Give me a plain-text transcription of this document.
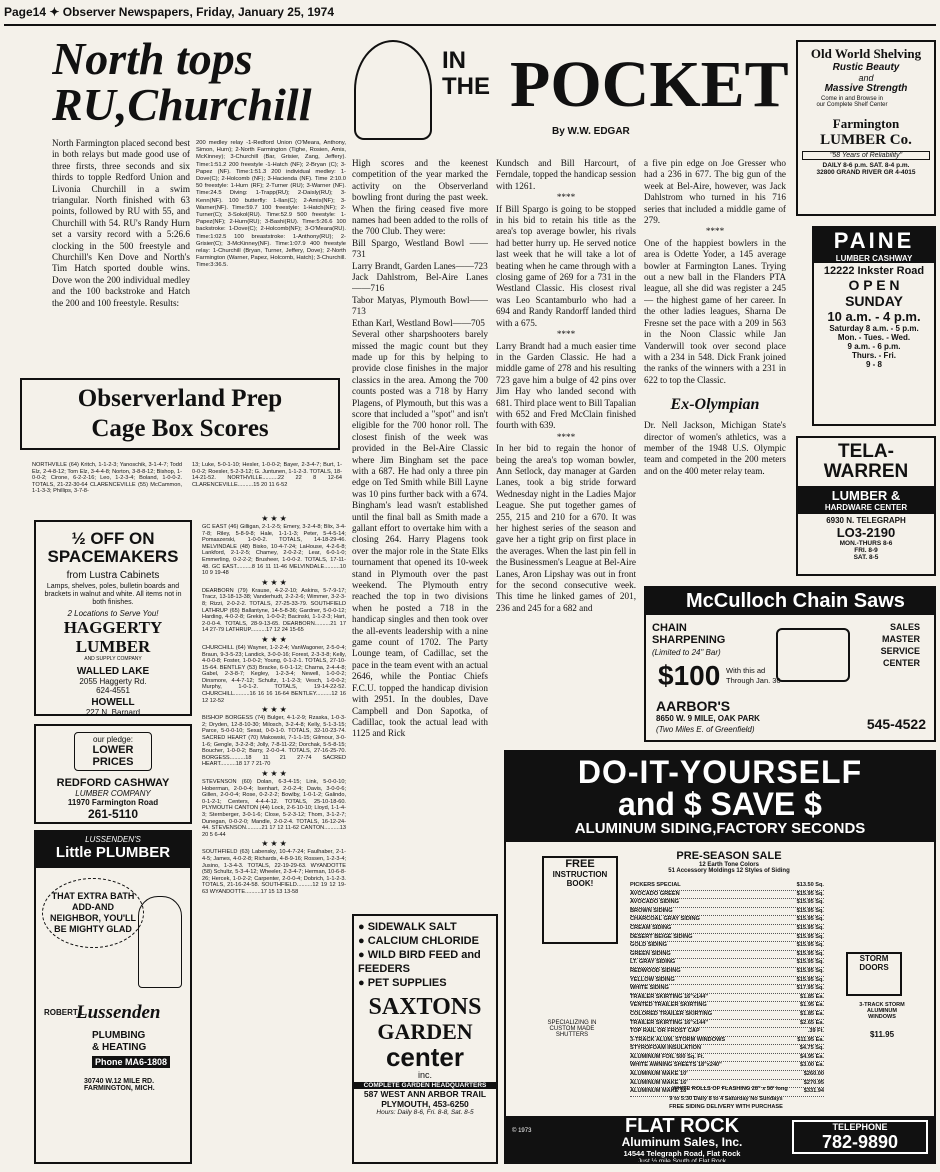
Page14 ✦ Observer Newspapers, Friday, January 25, 1974
North tops
RU,Churchill
North Farmington placed second best in both relays but made good use of three firsts, three seconds and six thirds to topple Redford Union and Livonia Churchill in a swim triangular. North finished with 63 points, followed by RU with 55, and Churchill with 54. RU's Randy Hurn set a varsity record with a 5:26.6 clocking in the 500 freestyle and Churchill's Ken Dove and North's Tim Hatch sported double wins. Dove won the 200 individual medley and the 100 backstroke and Hatch the 200 and 100 freestyle. Results:
200 medley relay -1-Redford Union (O'Meara, Anthony, Simon, Hurn); 2-North Farmington (Tighe, Rosien, Amis, McKinney); 3-Churchill (Bar, Grisier, Zang, Jeffery). Time:1:51.2 200 freestyle -1-Hatch (NF); 2-Bryan (C); 3-Papez (NF). Time:1:51.3 200 individual medley: 1-Dove(C); 2-Holcomb (NF); 3-Hacienda (NF). Time 2:10.0 50 freestyle: 1-Hurn (RF); 2-Turner (RU); 3-Warner (NF). Time:24.5 Diving: 1-Trapp(RU); 2-Daisly(RU); 3-Kenn(NF). 100 butterfly: 1-Ilan(C); 2-Amis(NF); 3-Warner(NF). Time:59.7 100 freestyle: 1-Hatch(NF); 2-Turner(C); 3-Sokol(RU). Time:52.9 500 freestyle: 1-Papez(NF); 2-Hurn(RU); 3-Bashi(RU). Time:5:26.6 100 backstroke: 1-Dove(C); 2-Holcomb(NF); 3-O'Meara(RU). Time:1:02.5 100 breaststroke: 1-Anthony(RU); 2-Grisier(C); 3-McKinney(NF). Time:1:07.9 400 freestyle relay: 1-Churchill (Bryan, Turner, Jeffery, Dove); 2-North Farmington (Warner, Papez, Holcomb, Hatch); 3-Churchill. Time:3:36.5.
Observerland Prep
Cage Box Scores
NORTHVILLE (64) Kritch, 1-1-2-3; Yanoschik, 3-1-4-7; Todd Elz, 2-4-8-12; Tom Elz, 3-4-4-8; Norton, 3-8-8-12; Bishop, 1-0-0-2; Cirone, 6-2-2-16; Leo, 1-2-3-4; Boland, 1-0-0-2. TOTALS, 21-22-30-64 CLARENCEVILLE (55) McCammon, 1-1-3-3; Phillips, 3-7-8-
13; Luke, 5-0-1-10; Hesler, 1-0-0-2; Bayer, 2-3-4-7; Burt, 1-0-0-2; Roesler, 5-2-3-12; G. Juntunen, 1-1-2-3. TOTALS, 18-14-21-52. NORTHVILLE..........22 22 8 12-64 CLARENCEVILLE..........15 20 11 6-52
★ ★ ★
GC EAST (46) Gilligan, 2-1-2-5; Emery, 3-2-4-8; Blix, 3-4-7-8; Riley, 5-8-9-8; Hale, 1-1-1-3; Peter, 5-4-5-14; Pomaszerski, 1-0-0-2. TOTALS, 14-18-29-46. MELVINDALE (48) Bisko, 10-4-7-24; LaHouse, 4-2-6-8; Lankford, 2-1-2-5; Chamey, 2-0-2-2; Lear, 6-0-1-0; Emmerling, 0-2-2-2; Brusheer, 1-0-0-2. TOTALS, 17-11-48. GC EAST..........8 16 11 11-46 MELVINDALE..........10 10 9 19-48
★ ★ ★
DEARBORN (79) Krause, 4-2-2-10; Askins, 5-7-9-17; Tracz, 13-18-13-38; Vanderhudt, 2-2-2-6; Wimmer, 3-2-3-8; Rizzi, 2-0-2-2. TOTALS, 27-25-33-79. SOUTHFIELD LATHRUP (65) Ballantyne, 14-5-8-36; Gardner, 5-0-0-12; Harding, 4-0-2-8; Grekin, 1-0-0-2; Bacinski, 1-1-2-3; Hart, 2-0-0-4. TOTALS, 28-9-13-65. DEARBORN..........21 17 14 27-79 LATHRUP..........17 12 24 15-65
★ ★ ★
CHURCHILL (64) Wayner, 1-2-2-4; VanWagoner, 2-5-0-4; Braun, 9-3-5-23; Landick, 3-0-0-16; Forest, 2-3-3-8; Kelly, 4-0-0-8; Foster, 1-0-0-2; Young, 0-1-2-1. TOTALS, 27-10-15-64. BENTLEY (53) Bracke, 6-0-1-12; Charna, 2-4-4-8; Gabel, 2-3-8-7; Kegley, 1-2-3-4; Newell, 1-0-0-2; Dinsmore, 4-4-7-12; Schultz, 1-1-2-3; Vesch, 1-0-0-2; Murphy, 1-0-1-2. TOTALS, 19-14-22-52. CHURCHILL..........16 16 16 16-64 BENTLEY..........12 16 12 12-52
★ ★ ★
BISHOP BORGESS (74) Bulger, 4-1-2-9; Rzaska, 1-0-3-2; Dryden, 12-8-10-30; Milosch, 3-2-4-8; Kelly, 5-1-3-15; Parce, 5-0-0-10; Sexat, 0-0-1-0. TOTALS, 32-10-23-74. SACRED HEART (70) Makowski, 7-1-1-15; Gilmour, 3-0-1-6; Gengle, 3-2-2-8; Jolly, 7-8-11-22; Dorchak, 5-5-8-15; Boucher, 1-0-0-2; Barry, 2-0-0-4. TOTALS, 27-16-25-70. BORGESS..........18 11 21 27-74 SACRED HEART..........18 17 7 21-70
★ ★ ★
STEVENSON (60) Dolan, 6-3-4-15; Link, 5-0-0-10; Hoberman, 2-0-0-4; Isenhart, 2-0-2-4; Davis, 3-0-0-6; Gillen, 2-0-0-4; Rose, 0-2-2-2; Bowlby, 1-0-1-2; Galindo, 0-1-2-1; Centers, 4-4-4-12. TOTALS, 25-10-18-60. PLYMOUTH CANTON (44) Lock, 2-6-10-10; Lloyd, 1-1-4-3; Sternberger, 3-0-1-6; Close, 5-2-3-12; Thom, 3-1-2-7; Dunegan, 0-0-2-0; Mandle, 2-0-2-4. TOTALS, 16-12-24-44. STEVENSON..........21 17 12 11-62 CANTON..........13 20 5 6-44
★ ★ ★
SOUTHFIELD (63) Labensky, 10-4-7-24; Faulhaber, 2-1-4-5; James, 4-0-2-8; Richards, 4-8-9-16; Rossen, 1-2-3-4; Jusino, 1-3-4-3. TOTALS, 22-19-29-63. WYANDOTTE (58) Schultz, 5-3-4-12; Wheeler, 2-3-4-7; Herman, 10-6-8-26; Hercek, 1-0-2-2; Carpenter, 2-0-0-4; Dobrich, 1-1-2-3. TOTALS, 21-16-24-58. SOUTHFIELD..........12 19 12 19-63 WYANDOTTE..........17 15 13 13-58
½ OFF ON
SPACEMAKERS
from Lustra Cabinets
Lamps, shelves, poles, bulletin boards and brackets in walnut and white. All items not in both finishes.
2 Locations to Serve You!
HAGGERTY LUMBER
AND SUPPLY COMPANY
WALLED LAKE
2055 Haggerty Rd.
624-4551
HOWELL
227 N. Barnard
our pledge:
LOWER
PRICES
REDFORD CASHWAY
LUMBER COMPANY
11970 Farmington Road
261-5110
LUSSENDEN'S
Little PLUMBER
THAT EXTRA BATH ADD-AND NEIGHBOR, YOU'LL BE MIGHTY GLAD
ROBERT L.
Lussenden
PLUMBING
& HEATING
Phone MA6-1808
30740 W.12 MILE RD. FARMINGTON, MICH.
IN THE POCKET
By W.W. EDGAR

High scores and the keenest competition of the year marked the activity on the Observerland bowling front during the past week. When the firing ceased five more names had been added to the rolls of the 700 Club. They were:

Bill Spargo, Westland Bowl ——731

Larry Brandt, Garden Lanes——723

Jack Dahlstrom, Bel-Aire Lanes——716

Tabor Matyas, Plymouth Bowl——713

Ethan Karl, Westland Bowl——705

Several other sharpshooters barely missed the magic count but they made up for this by helping to provide close finishes in the major classics in the area. Among the 700 counts posted was a 718 by Harry Plagens, of Plymouth, but this was a score that included a "spot" and isn't eligible for the 700 honor roll. The closest finish of the week was provided in the Bel-Aire Classic where Jim Bingham set the pace with a 687. He had only a three pin edge on Ted Smith while Bill Layne was 10 pins further back with a 674. Bingham's lead wasn't established until the final ball as Smith made a gallant effort to overtake him with a closing 264. Harry Plagens took over the major role in the State Elks tournament that opened its 10-week stand in Plymouth over the past weekend. The Plymouth entry reached the top in two divisions when he posted a 718 in the handicap singles and then took over the all-events leadership with a nine game count of 1702. The Party Lounge team, of Cadillac, set the pace in the team event with an actual 2646, while the Pontiac Chiefs F.C.U. topped the handicap division with 2951. In the doubles, Dave Campbell and Don Sapotka, of Cadillac, took the actual lead with 1125 and Rick

Kundsch and Bill Harcourt, of Ferndale, topped the handicap session with 1261.

****

If Bill Spargo is going to be stopped in his bid to retain his title as the area's top average bowler, his rivals had better hurry up. He served notice last week that he will take a lot of beating when he came through with a closing game of 269 for a 731 in the Westland Classic. His closest rival was Leo Scantamburlo who had a 694 and Randy Randorff landed third with a 675.

****

Larry Brandt had a much easier time in the Garden Classic. He had a middle game of 278 and his resulting 723 gave him a bulge of 42 pins over Jim Hay who landed second with 681. Third place went to Bill Tapalian with 652 and Fred McClain finished fourth with 639.

****

In her bid to regain the honor of being the area's top woman bowler, Ann Setlock, day manager at Garden Lanes, took a big stride forward Wednesday night in the Ladies Major League. She put together games of 255, 215 and 210 for a 670. It was her highest series of the season and gave her a tight grip on first place in the averages. When the last pin fell in the Businessmen's League at Bel-Aire Lanes, Aron Lipshay was out in front for the second consecutive week. This time he linked games of 201, 236 and 245 for a 682 and

a five pin edge on Joe Gresser who had a 236 in 677. The big gun of the week at Bel-Aire, however, was Jack Dahlstrom who turned in his 716 series that included a middle game of 279.

****

One of the happiest bowlers in the area is Odette Yoder, a 145 average bowler at Farmington Lanes. Trying out a new ball in the Flanders PTA league, all she did was register a 245— the highest game of her career. In the other ladies leagues, Sharna De Fresne set the pace with a 209 in 563 in the Noon Classic while Jan Vanderwill took over second place with a 234 in 548. Dick Frank joined the ranks of the winners with a 231 in 622 to top the Classic.

Ex-Olympian

Dr. Nell Jackson, Michigan State's director of women's athletics, was a member of the 1948 U.S. Olympic team and competed in the 200 meters and on the 400 meter relay team.

● SIDEWALK SALT
● CALCIUM CHLORIDE
● WILD BIRD FEED and FEEDERS
● PET SUPPLIES
SAXTONS
GARDEN
center
inc.
COMPLETE GARDEN HEADQUARTERS
587 WEST ANN ARBOR TRAIL
PLYMOUTH, 453-6250
Hours: Daily 8-6, Fri. 8-8, Sat. 8-5
Old World Shelving
Rustic Beauty
and
Massive Strength
Come in and Browse in our Complete Shelf Center
Farmington
LUMBER Co.
"58 Years of Reliability"
DAILY 8-6 p.m. SAT. 8-4 p.m.
32800 GRAND RIVER GR 4-4015
PAINE
LUMBER CASHWAY
12222 Inkster Road
O P E N
SUNDAY
10 a.m. - 4 p.m.
Saturday 8 a.m. - 5 p.m.
Mon. - Tues. - Wed.
9 a.m. - 6 p.m.
Thurs. - Fri.
9 - 8
TELA-
WARREN
LUMBER &
HARDWARE CENTER
6930 N. TELEGRAPH
LO3-2190
MON.-THURS 8-6
FRI. 8-9
SAT. 8-5
McCulloch Chain Saws
CHAIN
SHARPENING
(Limited to 24" Bar)
$100 With this ad
Through Jan. 30
SALES
MASTER
SERVICE
CENTER
AARBOR'S
8650 W. 9 MILE, OAK PARK
(Two Miles E. of Greenfield)	545-4522
DO-IT-YOURSELF
and $ SAVE $
ALUMINUM SIDING,FACTORY SECONDS
FREE
INSTRUCTION
BOOK!
PRE-SEASON SALE
12 Earth Tone Colors
51 Accessory Moldings 12 Styles of Siding
PICKERS SPECIAL	$13.50 Sq.
AVOCADO GREEN	$15.95 Sq.
AVOCADO SIDING	$15.95 Sq.
BROWN SIDING	$15.95 Sq.
CHARCOAL GRAY SIDING	$15.95 Sq.
CREAM SIDING	$15.95 Sq.
DESERT BEIGE SIDING	$15.95 Sq.
GOLD SIDING	$15.95 Sq.
GREEN SIDING	$15.95 Sq.
LT. GRAY SIDING	$15.95 Sq.
REDWOOD SIDING	$15.95 Sq.
YELLOW SIDING	$15.95 Sq.
WHITE SIDING	$17.95 Sq.
TRAILER SKIRTING 16"x144"	$1.85 Ea.
VENTED TRAILER SKIRTING	$1.95 Ea.
COLORED TRAILER SKIRTING	$1.85 Ea.
TRAILER SKIRTING 16"x144"	$2.65 Ea.
TOP RAIL OR FROST CAP	.39 Ft.
3-TRACK ALUM. STORM WINDOWS	$11.95 Ea.
STYROFOAM INSULATION	$4.75 Sq.
ALUMINUM FOIL 500 Sq. Ft.	$4.95 Ea.
WHITE AWNING SHEETS 18"x240"	$3.00 Ea.
ALUMINUM MAKE 10'	$260.00
ALUMINUM MAKE 16'	$270.95
ALUMINUM MAKE 18'	$331.94
WHITE ROLLS OF FLASHING 28" x 50' long
9 to 5:30 Daily 8 to 4 Saturday No Sundays
FREE SIDING DELIVERY WITH PURCHASE
SPECIALIZING IN CUSTOM MADE SHUTTERS
STORM
DOORS
3-TRACK STORM ALUMINUM WINDOWS
$11.95
© 1973	FLAT ROCK
Aluminum Sales, Inc.
14544 Telegraph Road, Flat Rock
Just ½ mile South of Flat Rock
TELEPHONE
782-9890
